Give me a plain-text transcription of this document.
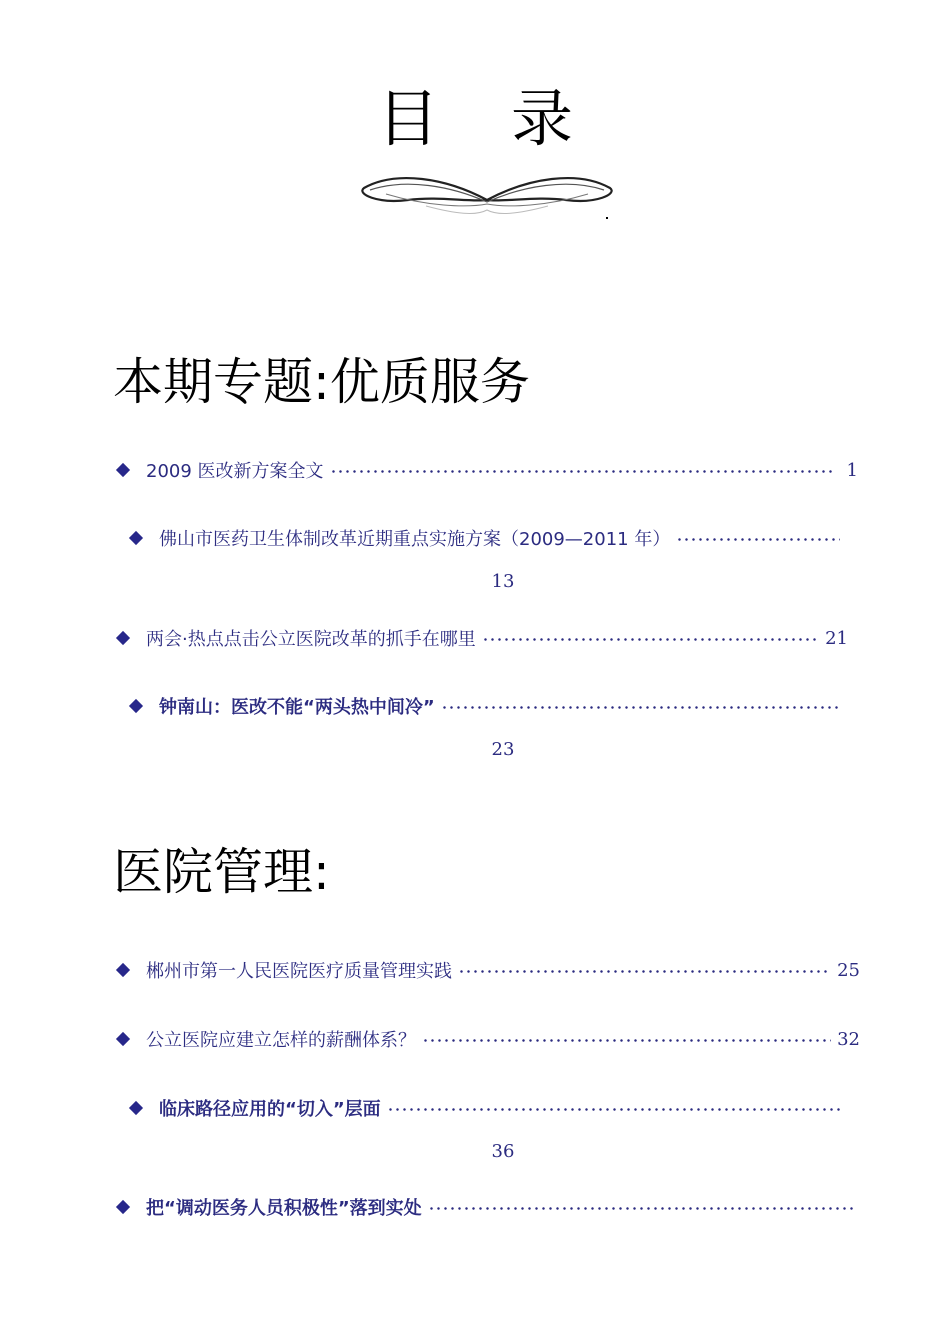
目 录
本期专题:优质服务
2009 医改新方案全文	1
佛山市医药卫生体制改革近期重点实施方案（2009—2011 年）
13
两会·热点点击公立医院改革的抓手在哪里	21
钟南山：医改不能“两头热中间冷”
23
医院管理:
郴州市第一人民医院医疗质量管理实践	25
公立医院应建立怎样的薪酬体系？	32
临床路径应用的“切入”层面
36
把“调动医务人员积极性”落到实处
